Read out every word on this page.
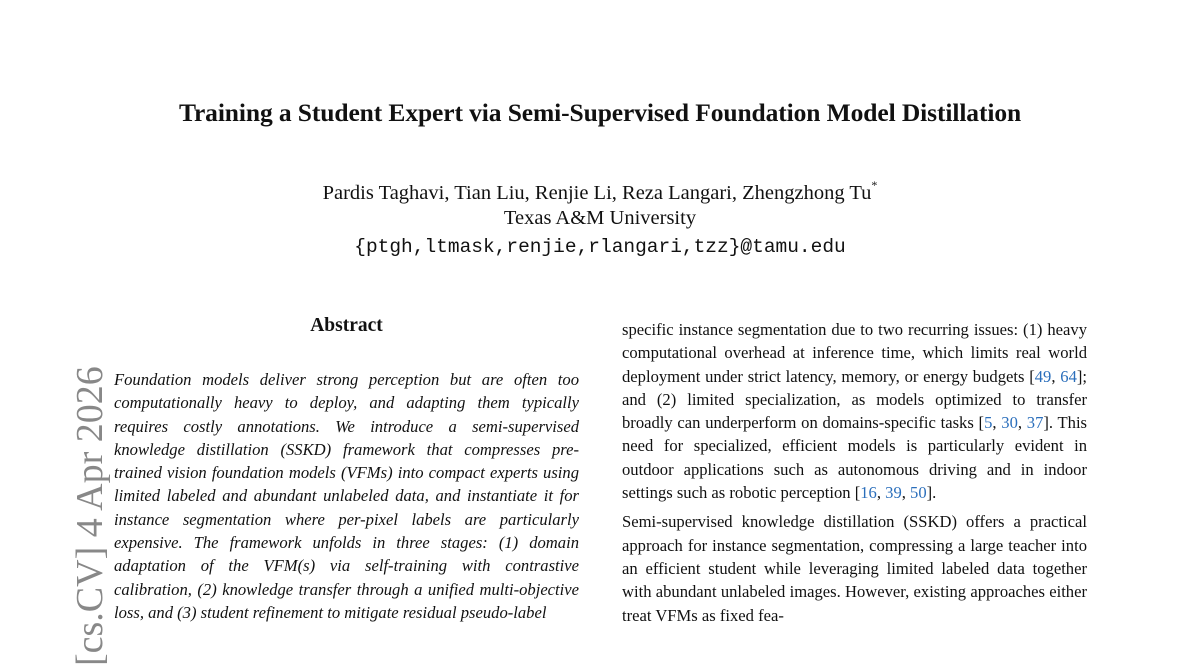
Training a Student Expert via Semi-Supervised Foundation Model Distillation
Pardis Taghavi, Tian Liu, Renjie Li, Reza Langari, Zhengzhong Tu*
Texas A&M University
{ptgh,ltmask,renjie,rlangari,tzz}@tamu.edu
[cs.CV] 4 Apr 2026
Abstract
Foundation models deliver strong perception but are often too computationally heavy to deploy, and adapting them typically requires costly annotations. We introduce a semi-supervised knowledge distillation (SSKD) framework that compresses pre-trained vision foundation models (VFMs) into compact experts using limited labeled and abundant unlabeled data, and instantiate it for instance segmentation where per-pixel labels are particularly expensive. The framework unfolds in three stages: (1) domain adaptation of the VFM(s) via self-training with contrastive calibration, (2) knowledge transfer through a unified multi-objective loss, and (3) student refinement to mitigate residual pseudo-label

specific instance segmentation due to two recurring issues: (1) heavy computational overhead at inference time, which limits real world deployment under strict latency, memory, or energy budgets [49, 64]; and (2) limited specialization, as models optimized to transfer broadly can underperform on domains-specific tasks [5, 30, 37]. This need for specialized, efficient models is particularly evident in outdoor applications such as autonomous driving and in indoor settings such as robotic perception [16, 39, 50].

Semi-supervised knowledge distillation (SSKD) offers a practical approach for instance segmentation, compressing a large teacher into an efficient student while leveraging limited labeled data together with abundant unlabeled images. However, existing approaches either treat VFMs as fixed fea-
